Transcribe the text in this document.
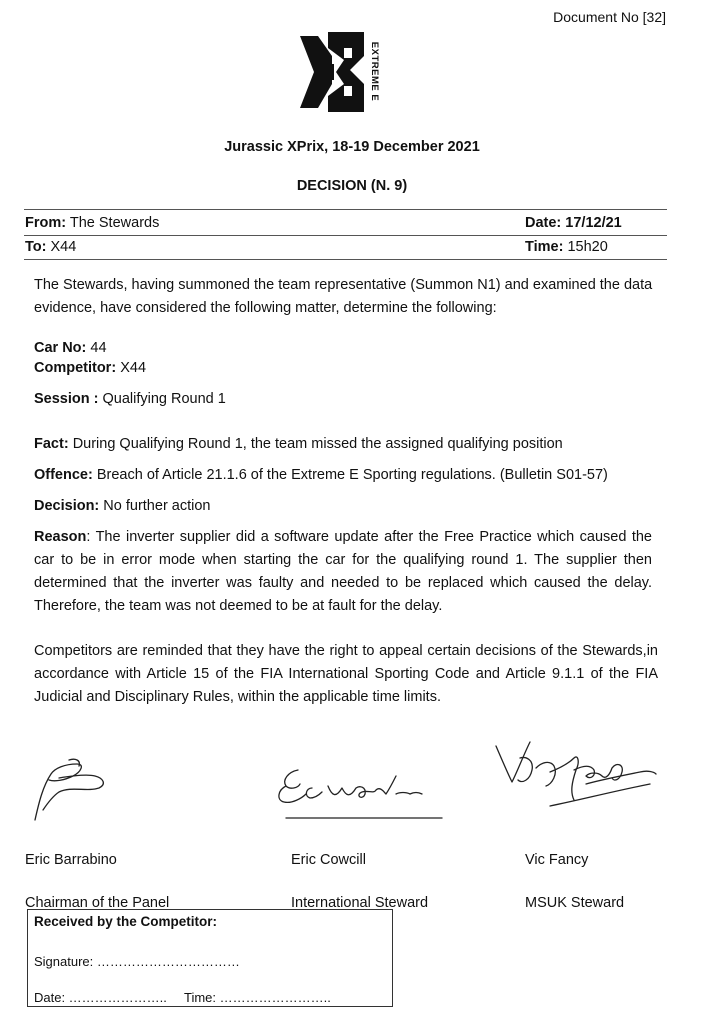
Document No [32]
EXTREME E
Jurassic XPrix, 18-19 December 2021
DECISION (N. 9)
From: The Stewards	Date: 17/12/21
To: X44	Time: 15h20
The Stewards, having summoned the team representative (Summon N1) and examined the data evidence, have considered the following matter, determine the following:
Car No: 44
Competitor: X44
Session : Qualifying Round 1
Fact: During Qualifying Round 1, the team missed the assigned qualifying position
Offence: Breach of Article 21.1.6 of the Extreme E Sporting regulations. (Bulletin S01-57)
Decision: No further action
Reason: The inverter supplier did a software update after the Free Practice which caused the car to be in error mode when starting the car for the qualifying round 1. The supplier then determined that the inverter was faulty and needed to be replaced which caused the delay. Therefore, the team was not deemed to be at fault for the delay.
Competitors are reminded that they have the right to appeal certain decisions of the Stewards,in accordance with Article 15 of the FIA International Sporting Code and Article 9.1.1 of the FIA Judicial and Disciplinary Rules, within the applicable time limits.
Eric Barrabino	Eric Cowcill	Vic Fancy
Chairman of the Panel	International Steward	MSUK Steward
Received by the Competitor:
Signature: ……………………………
Date: ………………….. Time: ……………………..
